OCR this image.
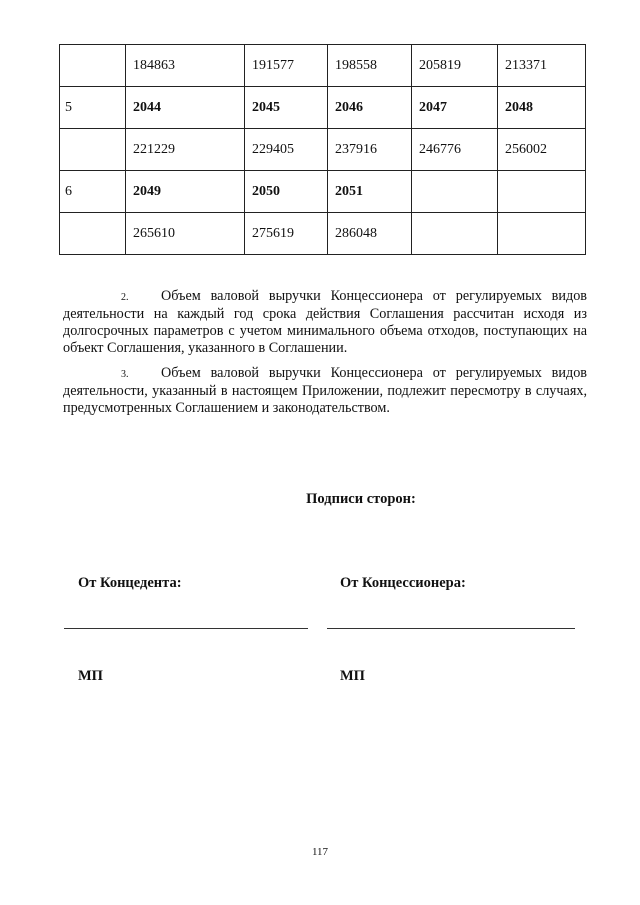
	184863	191577	198558	205819	213371
5	2044	2045	2046	2047	2048
	221229	229405	237916	246776	256002
6	2049	2050	2051		
	265610	275619	286048		

2. Объем валовой выручки Концессионера от регулируемых видов деятельности на каждый год срока действия Соглашения рассчитан исходя из долгосрочных параметров с учетом минимального объема отходов, поступающих на объект Соглашения, указанного в Соглашении.

3. Объем валовой выручки Концессионера от регулируемых видов деятельности, указанный в настоящем Приложении, подлежит пересмотру в случаях, предусмотренных Соглашением и законодательством.

Подписи сторон:
От Концедента:	От Концессионера:
МП	МП
117
